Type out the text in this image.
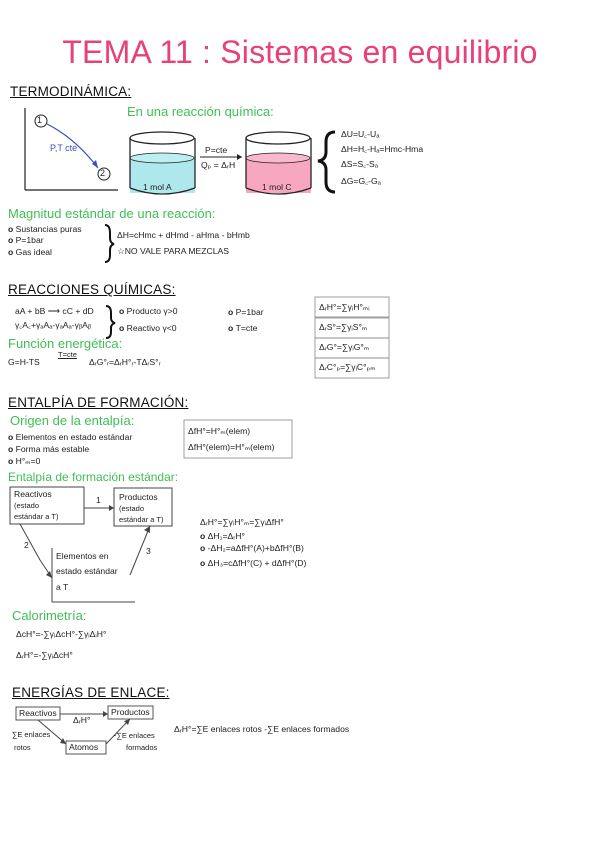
TEMA 11 : Sistemas en equilibrio
TERMODINÁMICA:
En una reacción química:
1
2
P,T cte
1 mol A	1 mol C
P=cte
Qₚ = ΔᵣH
ΔU=U꜀-Uₐ
ΔH=H꜀-Hₐ=Hmc-Hma
ΔS=S꜀-Sₐ
ΔG=G꜀-Gₐ
Magnitud estándar de una reacción:
o Sustancias puras
o P=1bar
o Gas ideal
ΔH=cHmc + dHmd - aHma - bHmb
☆NO VALE PARA MEZCLAS
REACCIONES QUÍMICAS:
aA + bB ⟶ cC + dD
γ꜀A꜀+γₐAₐ-γₐAₐ-γᵦAᵦ
o Producto γ>0
o Reactivo γ<0
o P=1bar
o T=cte
Función energética:
G=H-TS
T=cte
ΔᵣG°ᵣ=ΔᵣH°ᵣ-TΔᵣS°ᵣ
ΔᵣH°=∑γᵢH°ₘᵢ
ΔᵣS°=∑γᵢS°ₘ
ΔᵣG°=∑γᵢG°ₘ
ΔᵣC°ₚ=∑γᵢC°ₚₘ
ENTALPÍA DE FORMACIÓN:
Origen de la entalpía:
o Elementos en estado estándar
o Forma más estable
o H°ₘ=0
ΔfH°=H°ₘ(elem)
ΔfH°(elem)=H°ₘ(elem)
Entalpía de formación estándar:
Reactivos
(estado
estándar a T)
Productos
(estado
estándar a T)
1
2
3
Elementos en
estado estándar
a T
ΔᵣH°=∑γᵢH°ₘ=∑γᵢΔfH°
o ΔH₁=ΔᵣH°
o -ΔH₂=aΔfH°(A)+bΔfH°(B)
o ΔH₃=cΔfH°(C) + dΔfH°(D)
Calorimetría:
ΔcH°=-∑γᵢΔcH°-∑γᵢΔᵢH°
ΔᵣH°=-∑γᵢΔcH°
ENERGÍAS DE ENLACE:
Reactivos
ΔᵣH°
Productos
∑E enlaces
rotos	Atomos
-∑E enlaces
formados
ΔᵣH°=∑E enlaces rotos -∑E enlaces formados
